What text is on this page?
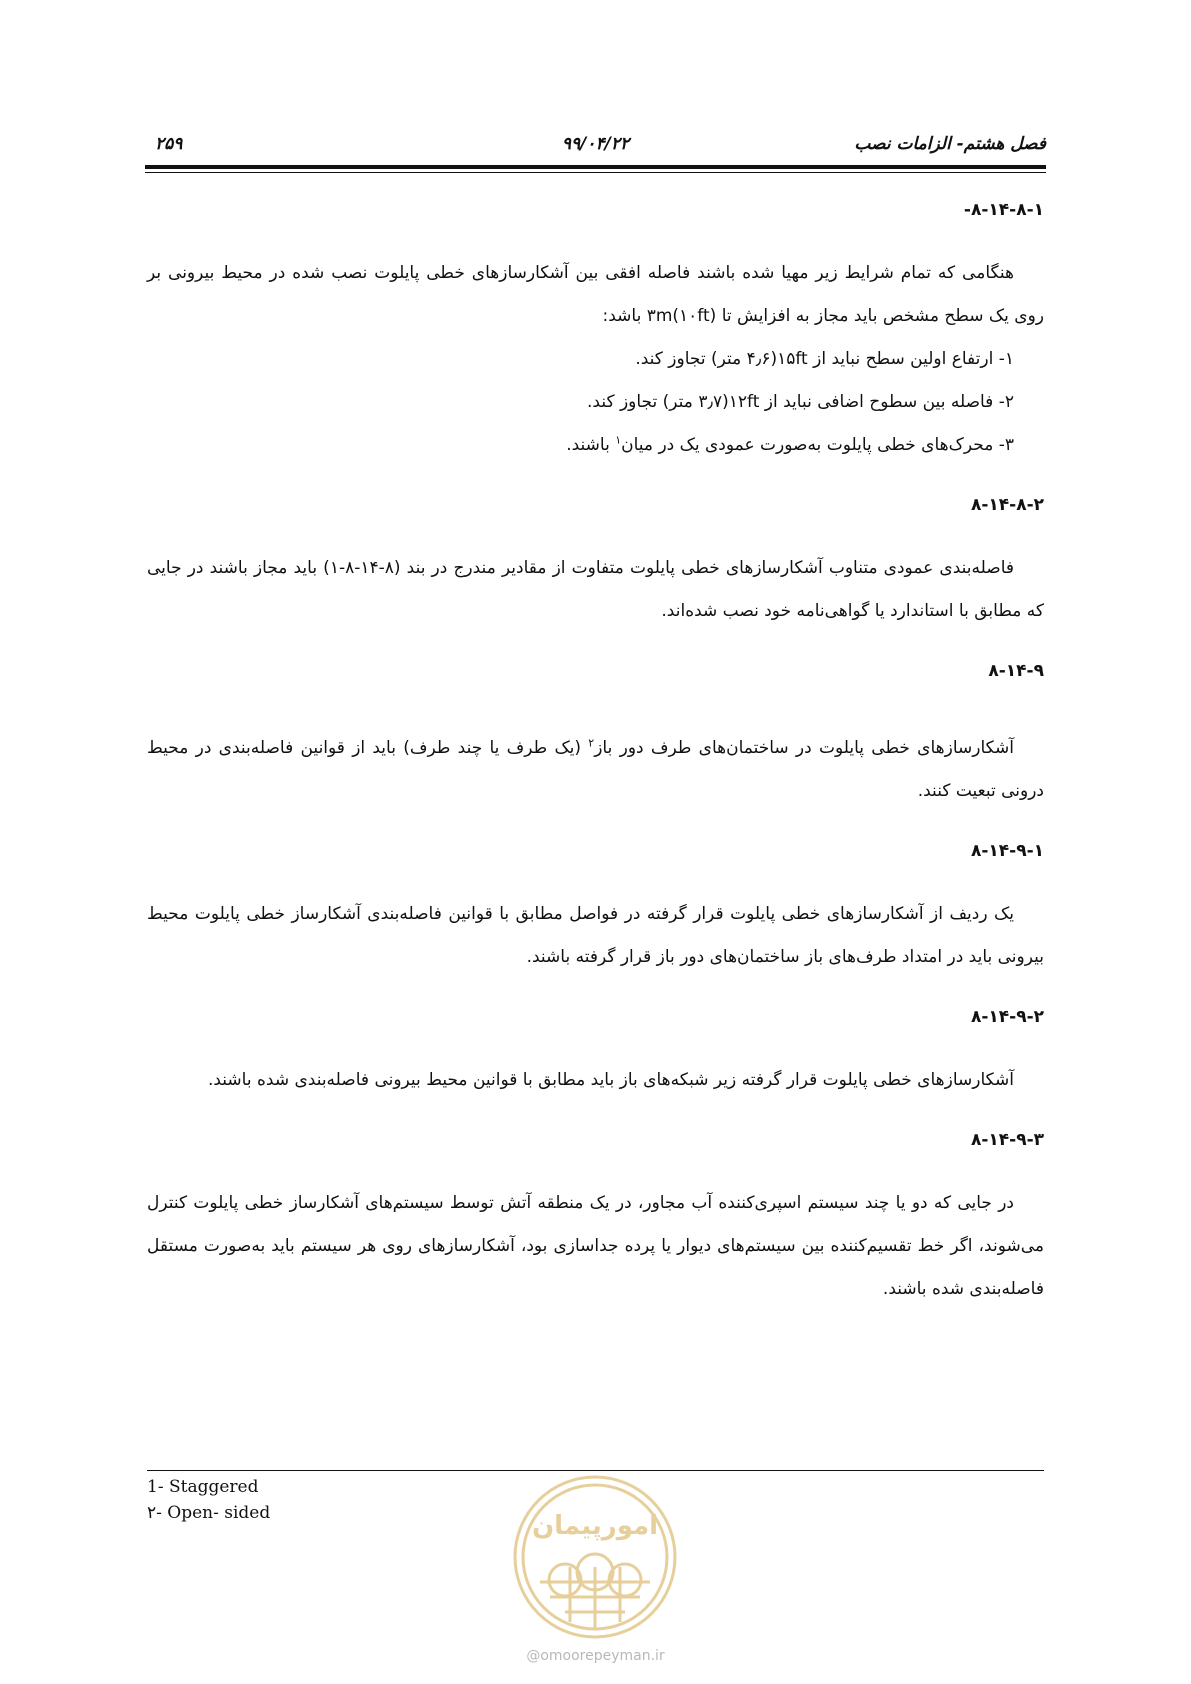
۲۵۹	۹۹/۰۴/۲۲	فصل هشتم- الزامات نصب

۸-۱۴-۸-۱-

هنگامی که تمام شرایط زیر مهیا شده باشند فاصله افقی بین آشکارسازهای خطی پایلوت نصب شده در محیط بیرونی بر روی یک سطح مشخص باید مجاز به افزایش تا ۳m(۱۰ft) باشد:

۱- ارتفاع اولین سطح نباید از ۱۵ft(۴٫۶ متر) تجاوز کند.

۲- فاصله بین سطوح اضافی نباید از ۱۲ft(۳٫۷ متر) تجاوز کند.

۳- محرک‌های خطی پایلوت به‌صورت عمودی یک در میان$^۱$ باشند.

۸-۱۴-۸-۲

فاصله‌بندی عمودی متناوب آشکارسازهای خطی پایلوت متفاوت از مقادیر مندرج در بند (۸-۱۴-۸-۱) باید مجاز باشند در جایی که مطابق با استاندارد یا گواهی‌نامه خود نصب شده‌اند.

۸-۱۴-۹

آشکارسازهای خطی پایلوت در ساختمان‌های طرف دور باز$^۲$ (یک طرف یا چند طرف) باید از قوانین فاصله‌بندی در محیط درونی تبعیت کنند.

۸-۱۴-۹-۱

یک ردیف از آشکارسازهای خطی پایلوت قرار گرفته در فواصل مطابق با قوانین فاصله‌بندی آشکارساز خطی پایلوت محیط بیرونی باید در امتداد طرف‌های باز ساختمان‌های دور باز قرار گرفته باشند.

۸-۱۴-۹-۲

آشکارسازهای خطی پایلوت قرار گرفته زیر شبکه‌های باز باید مطابق با قوانین محیط بیرونی فاصله‌بندی شده باشند.

۸-۱۴-۹-۳

در جایی که دو یا چند سیستم اسپری‌کننده آب مجاور، در یک منطقه آتش توسط سیستم‌های آشکارساز خطی پایلوت کنترل می‌شوند، اگر خط تقسیم‌کننده بین سیستم‌های دیوار یا پرده جداسازی بود، آشکارسازهای روی هر سیستم باید به‌صورت مستقل فاصله‌بندی شده باشند.

1- Staggered
۲- Open- sided	امورپیمان
@omoorepeyman.ir
